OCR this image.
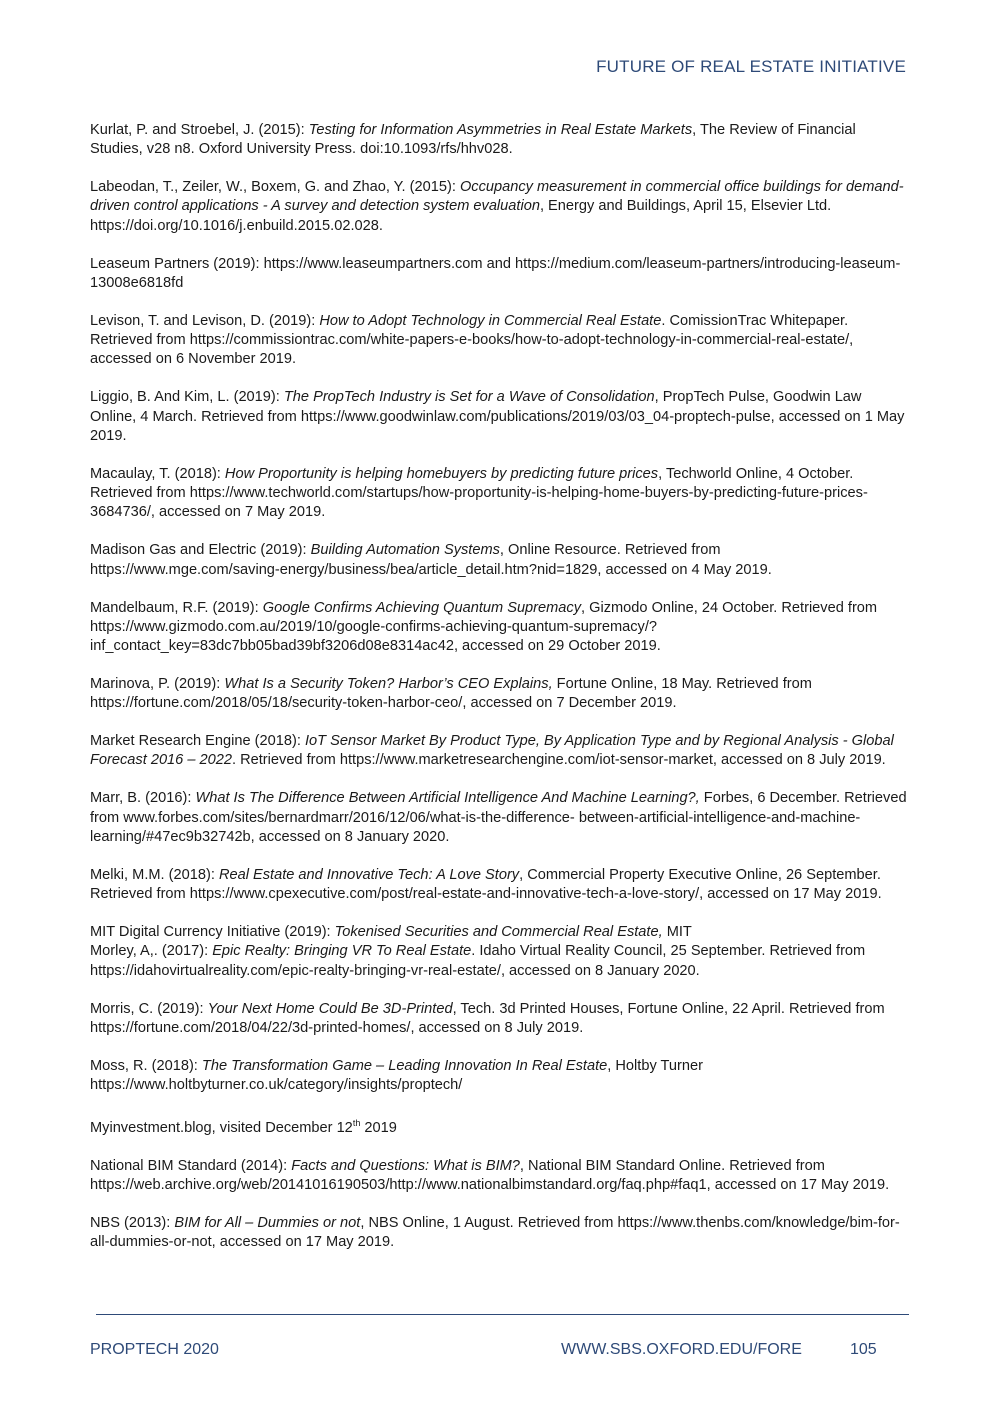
FUTURE OF REAL ESTATE INITIATIVE

Kurlat, P. and Stroebel, J. (2015): Testing for Information Asymmetries in Real Estate Markets, The Review of Financial Studies, v28 n8. Oxford University Press. doi:10.1093/rfs/hhv028.

Labeodan, T., Zeiler, W., Boxem, G. and Zhao, Y. (2015): Occupancy measurement in commercial office buildings for demand-driven control applications - A survey and detection system evaluation, Energy and Buildings, April 15, Elsevier Ltd. https://doi.org/10.1016/j.enbuild.2015.02.028.

Leaseum Partners (2019): https://www.leaseumpartners.com and https://medium.com/leaseum-partners/introducing-leaseum-13008e6818fd

Levison, T. and Levison, D. (2019): How to Adopt Technology in Commercial Real Estate. ComissionTrac Whitepaper. Retrieved from https://commissiontrac.com/white-papers-e-books/how-to-adopt-technology-in-commercial-real-estate/, accessed on 6 November 2019.

Liggio, B. And Kim, L. (2019): The PropTech Industry is Set for a Wave of Consolidation, PropTech Pulse, Goodwin Law Online, 4 March. Retrieved from https://www.goodwinlaw.com/publications/2019/03/03_04-proptech-pulse, accessed on 1 May 2019.

Macaulay, T. (2018): How Proportunity is helping homebuyers by predicting future prices, Techworld Online, 4 October. Retrieved from https://www.techworld.com/startups/how-proportunity-is-helping-home-buyers-by-predicting-future-prices-3684736/, accessed on 7 May 2019.

Madison Gas and Electric (2019): Building Automation Systems, Online Resource. Retrieved from https://www.mge.com/saving-energy/business/bea/article_detail.htm?nid=1829, accessed on 4 May 2019.

Mandelbaum, R.F. (2019): Google Confirms Achieving Quantum Supremacy, Gizmodo Online, 24 October. Retrieved from https://www.gizmodo.com.au/2019/10/google-confirms-achieving-quantum-supremacy/?inf_contact_key=83dc7bb05bad39bf3206d08e8314ac42, accessed on 29 October 2019.

Marinova, P. (2019): What Is a Security Token? Harbor’s CEO Explains, Fortune Online, 18 May. Retrieved from https://fortune.com/2018/05/18/security-token-harbor-ceo/, accessed on 7 December 2019.

Market Research Engine (2018): IoT Sensor Market By Product Type, By Application Type and by Regional Analysis - Global Forecast 2016 – 2022. Retrieved from https://www.marketresearchengine.com/iot-sensor-market, accessed on 8 July 2019.

Marr, B. (2016): What Is The Difference Between Artificial Intelligence And Machine Learning?, Forbes, 6 December. Retrieved from www.forbes.com/sites/bernardmarr/2016/12/06/what-is-the-difference- between-artificial-intelligence-and-machine-learning/#47ec9b32742b, accessed on 8 January 2020.

Melki, M.M. (2018): Real Estate and Innovative Tech: A Love Story, Commercial Property Executive Online, 26 September. Retrieved from https://www.cpexecutive.com/post/real-estate-and-innovative-tech-a-love-story/, accessed on 17 May 2019.

MIT Digital Currency Initiative (2019): Tokenised Securities and Commercial Real Estate, MIT

Morley, A,. (2017): Epic Realty: Bringing VR To Real Estate. Idaho Virtual Reality Council, 25 September. Retrieved from https://idahovirtualreality.com/epic-realty-bringing-vr-real-estate/, accessed on 8 January 2020.

Morris, C. (2019): Your Next Home Could Be 3D-Printed, Tech. 3d Printed Houses, Fortune Online, 22 April. Retrieved from https://fortune.com/2018/04/22/3d-printed-homes/, accessed on 8 July 2019.

Moss, R. (2018): The Transformation Game – Leading Innovation In Real Estate, Holtby Turner https://www.holtbyturner.co.uk/category/insights/proptech/

Myinvestment.blog, visited December 12th 2019

National BIM Standard (2014): Facts and Questions: What is BIM?, National BIM Standard Online. Retrieved from https://web.archive.org/web/20141016190503/http://www.nationalbimstandard.org/faq.php#faq1, accessed on 17 May 2019.

NBS (2013): BIM for All – Dummies or not, NBS Online, 1 August. Retrieved from https://www.thenbs.com/knowledge/bim-for-all-dummies-or-not, accessed on 17 May 2019.

PROPTECH 2020	WWW.SBS.OXFORD.EDU/FORE	105
